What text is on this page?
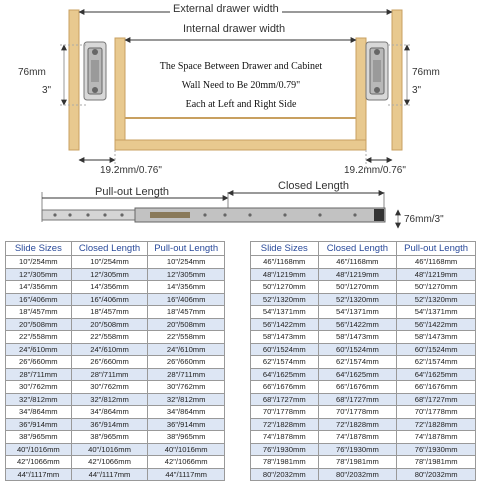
External drawer width
Internal drawer width
The Space Between Drawer and Cabinet
Wall Need to Be 20mm/0.79"
Each at Left and Right Side
76mm
3"
76mm
3"
19.2mm/0.76"	19.2mm/0.76"
Pull-out Length	Closed Length
76mm/3"
Slide Sizes	Closed Length	Pull-out Length
10"/254mm	10"/254mm	10"/254mm
12"/305mm	12"/305mm	12"/305mm
14"/356mm	14"/356mm	14"/356mm
16"/406mm	16"/406mm	16"/406mm
18"/457mm	18"/457mm	18"/457mm
20"/508mm	20"/508mm	20"/508mm
22"/558mm	22"/558mm	22"/558mm
24"/610mm	24"/610mm	24"/610mm
26"/660mm	26"/660mm	26"/660mm
28"/711mm	28"/711mm	28"/711mm
30"/762mm	30"/762mm	30"/762mm
32"/812mm	32"/812mm	32"/812mm
34"/864mm	34"/864mm	34"/864mm
36"/914mm	36"/914mm	36"/914mm
38"/965mm	38"/965mm	38"/965mm
40"/1016mm	40"/1016mm	40"/1016mm
42"/1066mm	42"/1066mm	42"/1066mm
44"/1117mm	44"/1117mm	44"/1117mm
Slide Sizes	Closed Length	Pull-out Length
46"/1168mm	46"/1168mm	46"/1168mm
48"/1219mm	48"/1219mm	48"/1219mm
50"/1270mm	50"/1270mm	50"/1270mm
52"/1320mm	52"/1320mm	52"/1320mm
54"/1371mm	54"/1371mm	54"/1371mm
56"/1422mm	56"/1422mm	56"/1422mm
58"/1473mm	58"/1473mm	58"/1473mm
60"/1524mm	60"/1524mm	60"/1524mm
62"/1574mm	62"/1574mm	62"/1574mm
64"/1625mm	64"/1625mm	64"/1625mm
66"/1676mm	66"/1676mm	66"/1676mm
68"/1727mm	68"/1727mm	68"/1727mm
70"/1778mm	70"/1778mm	70"/1778mm
72"/1828mm	72"/1828mm	72"/1828mm
74"/1878mm	74"/1878mm	74"/1878mm
76"/1930mm	76"/1930mm	76"/1930mm
78"/1981mm	78"/1981mm	78"/1981mm
80"/2032mm	80"/2032mm	80"/2032mm
